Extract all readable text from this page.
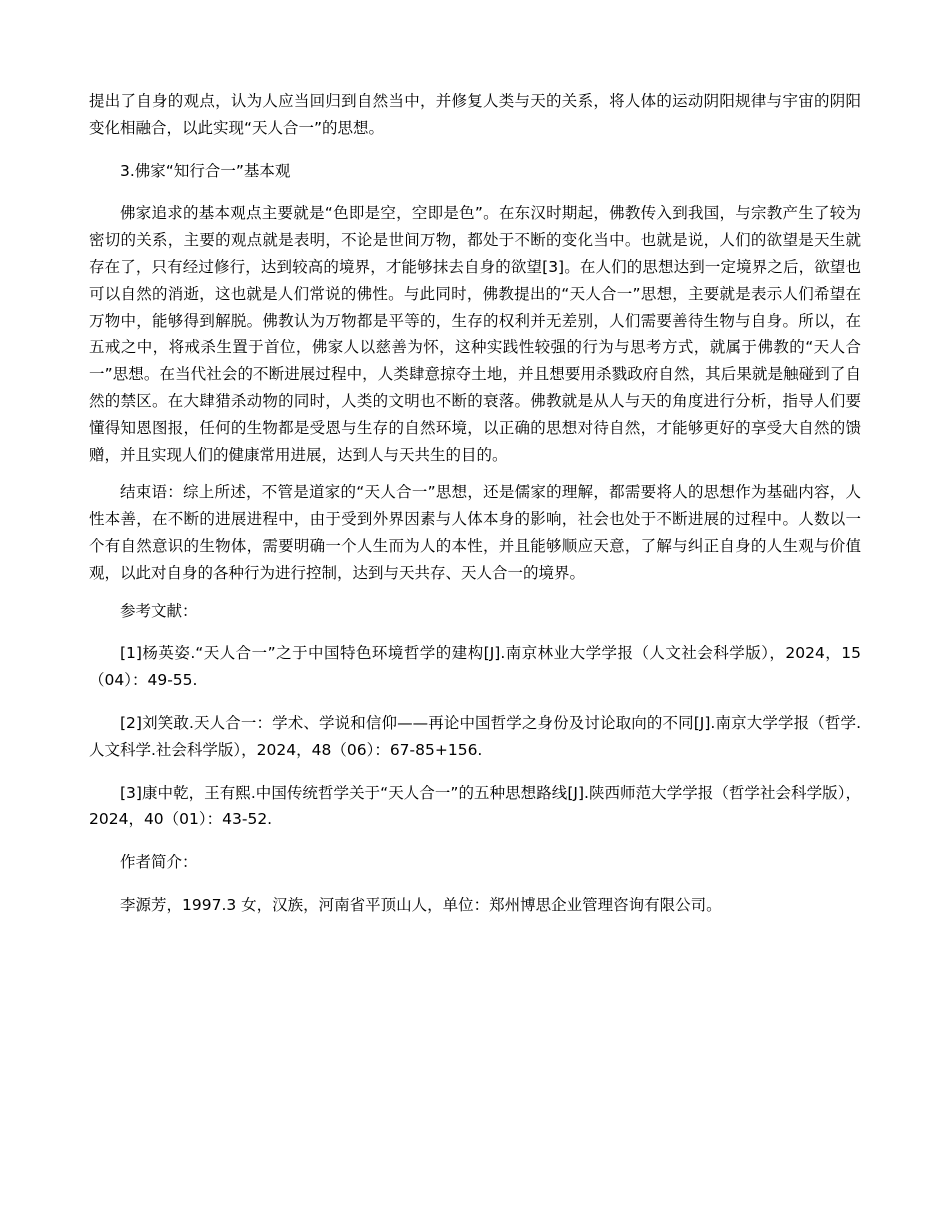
提出了自身的观点，认为人应当回归到自然当中，并修复人类与天的关系，将人体的运动阴阳规律与宇宙的阴阳变化相融合，以此实现“天人合一”的思想。

3.佛家“知行合一”基本观

佛家追求的基本观点主要就是“色即是空，空即是色”。在东汉时期起，佛教传入到我国，与宗教产生了较为密切的关系，主要的观点就是表明，不论是世间万物，都处于不断的变化当中。也就是说，人们的欲望是天生就存在了，只有经过修行，达到较高的境界，才能够抹去自身的欲望[3]。在人们的思想达到一定境界之后，欲望也可以自然的消逝，这也就是人们常说的佛性。与此同时，佛教提出的“天人合一”思想，主要就是表示人们希望在万物中，能够得到解脱。佛教认为万物都是平等的，生存的权利并无差别，人们需要善待生物与自身。所以，在五戒之中，将戒杀生置于首位，佛家人以慈善为怀，这种实践性较强的行为与思考方式，就属于佛教的“天人合一”思想。在当代社会的不断进展过程中，人类肆意掠夺土地，并且想要用杀戮政府自然，其后果就是触碰到了自然的禁区。在大肆猎杀动物的同时，人类的文明也不断的衰落。佛教就是从人与天的角度进行分析，指导人们要懂得知恩图报，任何的生物都是受恩与生存的自然环境，以正确的思想对待自然，才能够更好的享受大自然的馈赠，并且实现人们的健康常用进展，达到人与天共生的目的。

结束语：综上所述，不管是道家的“天人合一”思想，还是儒家的理解，都需要将人的思想作为基础内容，人性本善，在不断的进展进程中，由于受到外界因素与人体本身的影响，社会也处于不断进展的过程中。人数以一个有自然意识的生物体，需要明确一个人生而为人的本性，并且能够顺应天意，了解与纠正自身的人生观与价值观，以此对自身的各种行为进行控制，达到与天共存、天人合一的境界。

参考文献：

[1]杨英姿.“天人合一”之于中国特色环境哲学的建构[J].南京林业大学学报（人文社会科学版），2024，15（04）：49-55.

[2]刘笑敢.天人合一：学术、学说和信仰——再论中国哲学之身份及讨论取向的不同[J].南京大学学报（哲学.人文科学.社会科学版），2024，48（06）：67-85+156.

[3]康中乾，王有熙.中国传统哲学关于“天人合一”的五种思想路线[J].陕西师范大学学报（哲学社会科学版），2024，40（01）：43-52.

作者简介：

李源芳，1997.3 女，汉族，河南省平顶山人，单位：郑州博思企业管理咨询有限公司。
